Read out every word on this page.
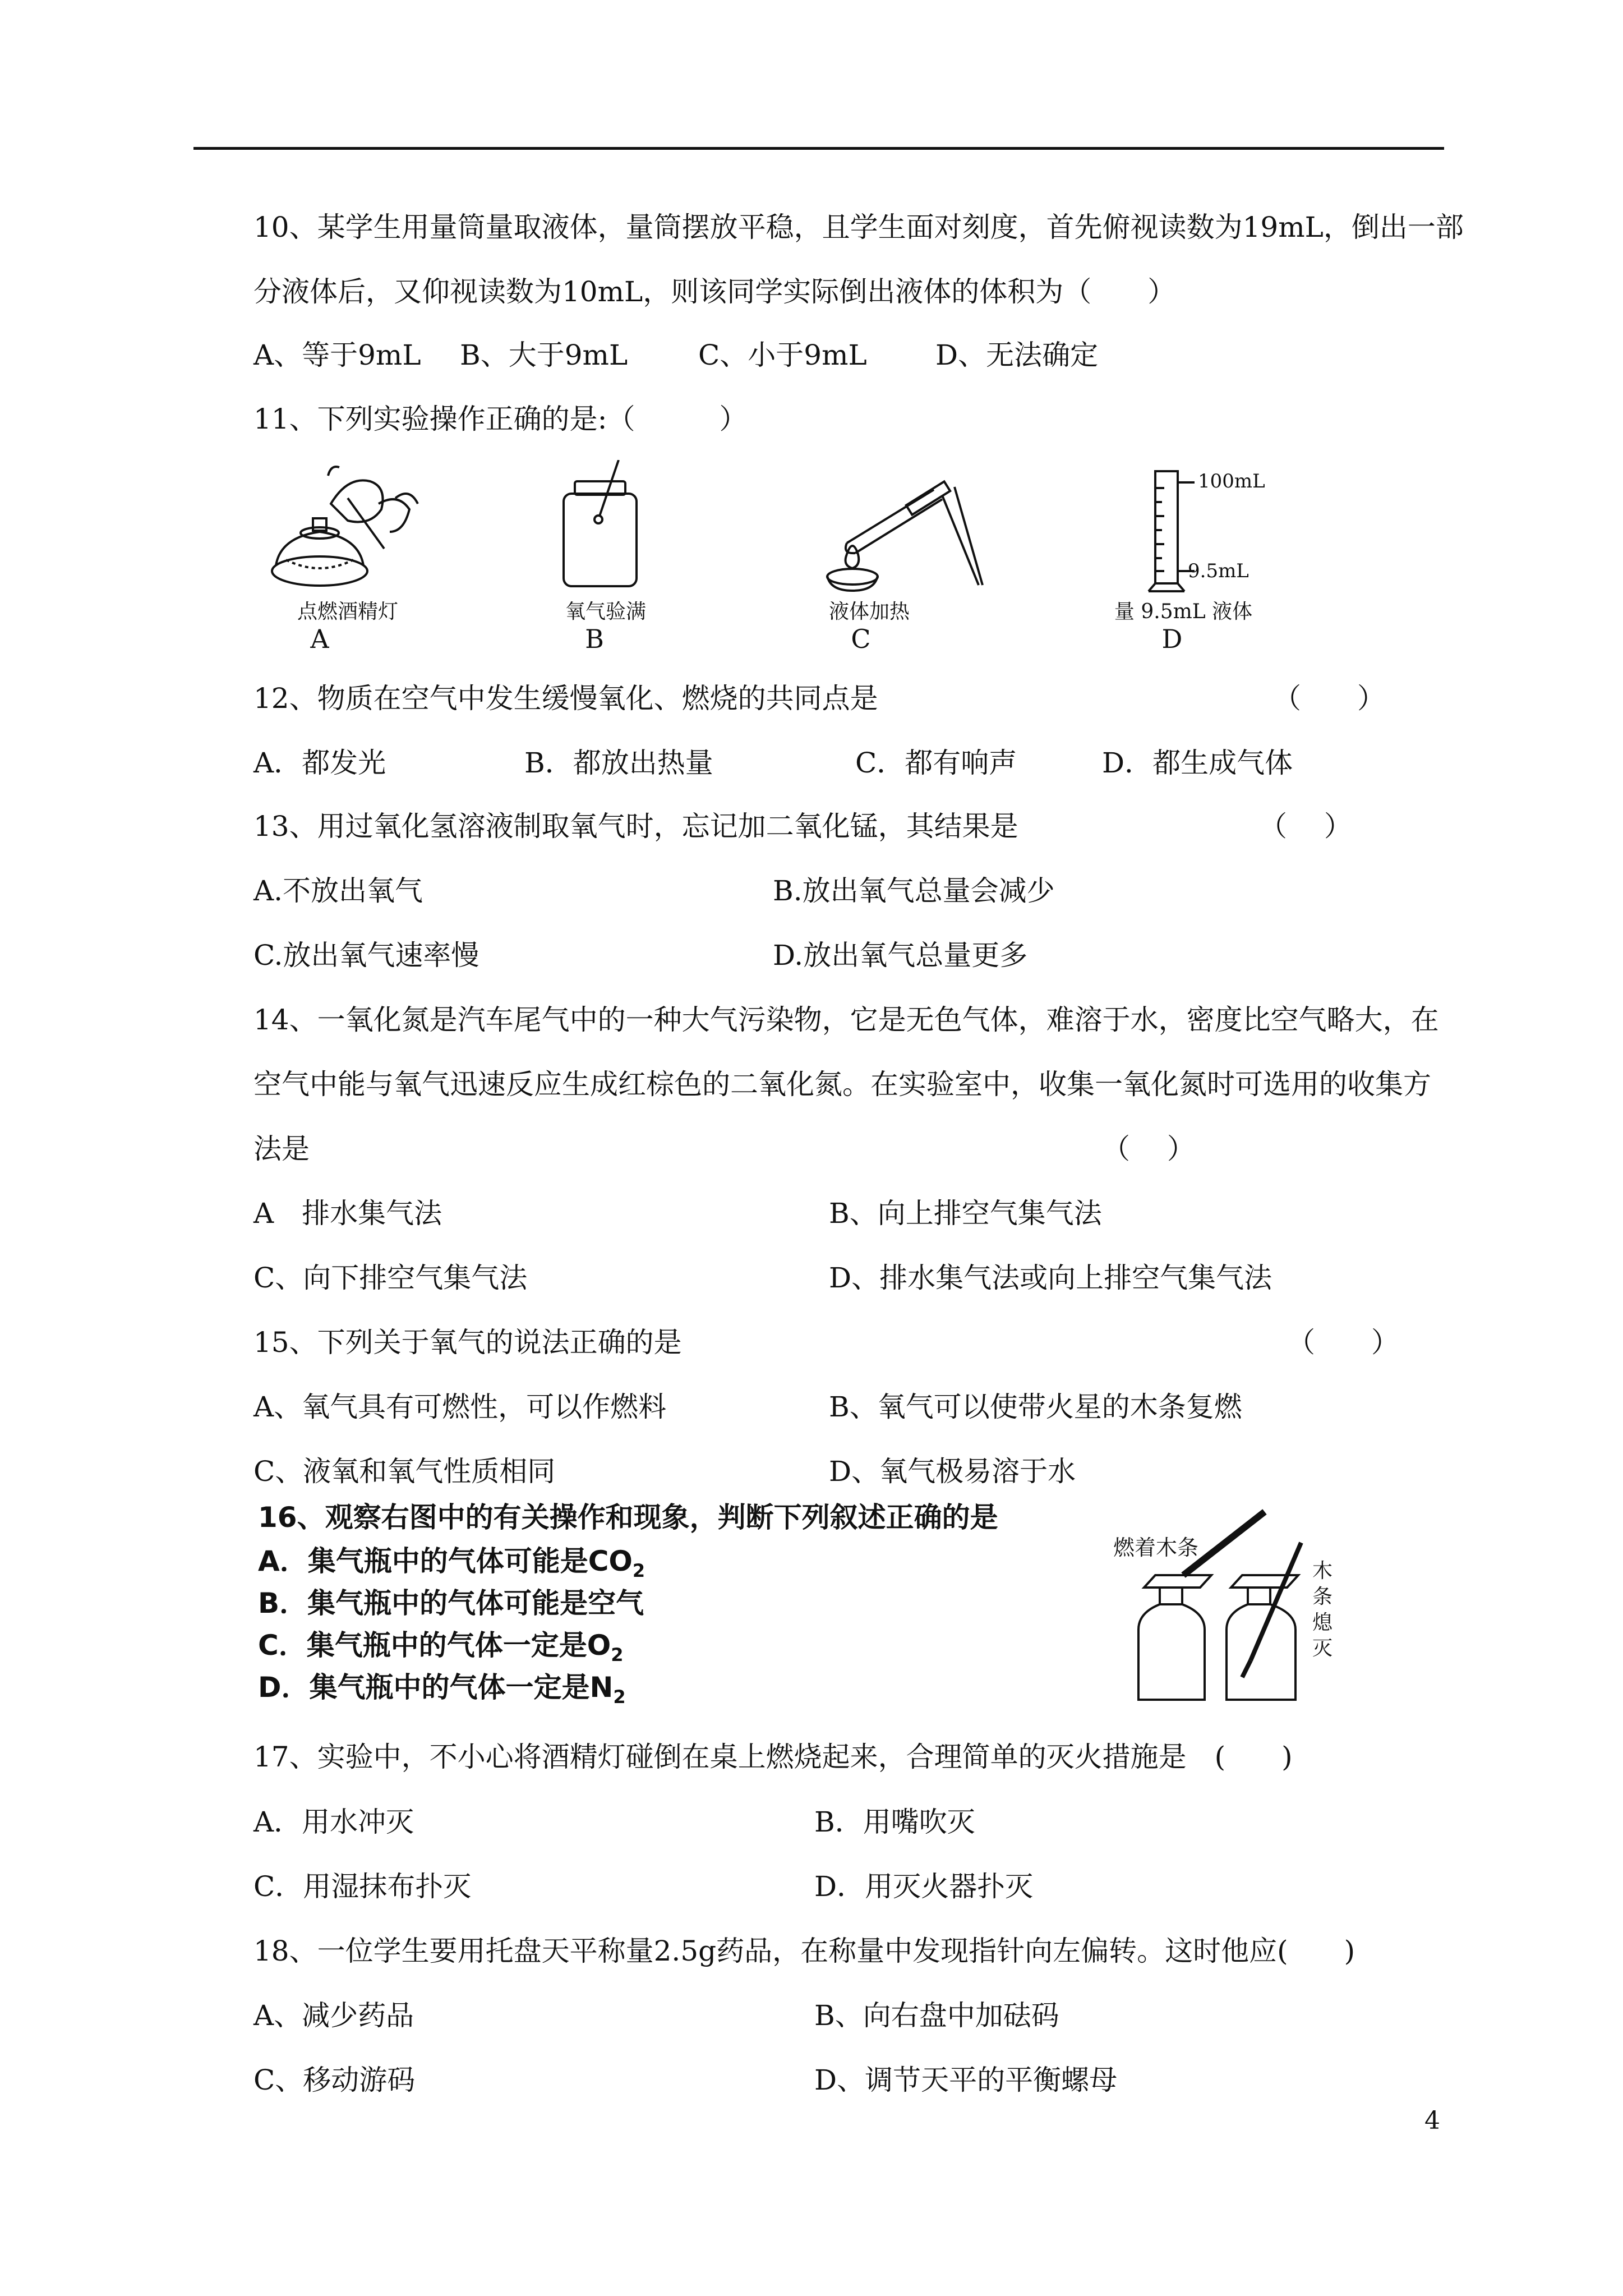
10、某学生用量筒量取液体，量筒摆放平稳，且学生面对刻度，首先俯视读数为19mL，倒出一部
分液体后，又仰视读数为10mL，则该同学实际倒出液体的体积为（　　）
A、等于9mL B、大于9mL	C、小于9mL D、无法确定
11、下列实验操作正确的是:（　　　）
点燃酒精灯
A
氧气验满
B
液体加热
C
100mL
9.5mL
量 9.5mL 液体
D
12、物质在空气中发生缓慢氧化、燃烧的共同点是	（　　）
A．都发光	B．都放出热量	C．都有响声	D．都生成气体
13、用过氧化氢溶液制取氧气时，忘记加二氧化锰，其结果是	（　 ）
A.不放出氧气	B.放出氧气总量会减少
C.放出氧气速率慢	D.放出氧气总量更多
14、一氧化氮是汽车尾气中的一种大气污染物，它是无色气体，难溶于水，密度比空气略大，在
空气中能与氧气迅速反应生成红棕色的二氧化氮。在实验室中，收集一氧化氮时可选用的收集方
法是	（　 ）
A　排水集气法	B、向上排空气集气法
C、向下排空气集气法	D、排水集气法或向上排空气集气法
15、下列关于氧气的说法正确的是	（　　）
A、氧气具有可燃性，可以作燃料	B、氧气可以使带火星的木条复燃
C、液氧和氧气性质相同	D、氧气极易溶于水
16、观察右图中的有关操作和现象，判断下列叙述正确的是
A．集气瓶中的气体可能是$CO_2$
B．集气瓶中的气体可能是空气
C．集气瓶中的气体一定是$O_2$
D．集气瓶中的气体一定是$N_2$
燃着木条
木
条
熄
灭
17、实验中，不小心将酒精灯碰倒在桌上燃烧起来，合理简单的灭火措施是　(　　)
A．用水冲灭	B．用嘴吹灭
C．用湿抹布扑灭	D．用灭火器扑灭
18、一位学生要用托盘天平称量2.5g药品，在称量中发现指针向左偏转。这时他应(　　)
A、减少药品	B、向右盘中加砝码
C、移动游码	D、调节天平的平衡螺母
4
